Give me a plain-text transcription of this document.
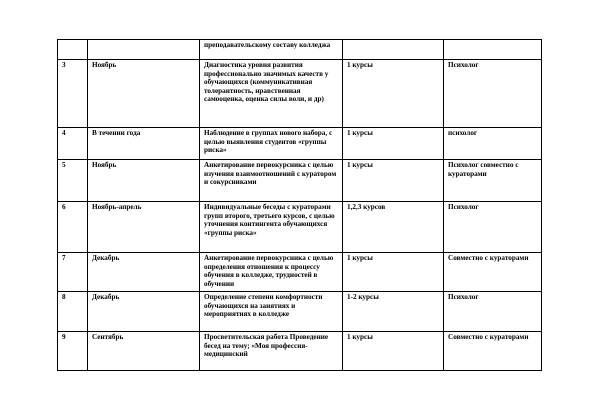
		преподавательскому составу колледжа		
3	Ноябрь	Диагностика уровня развития профессионально значимых качеств у обучающихся (коммуникативная толерантность, нравственная самооценка, оценка силы воли, и др)	1 курсы	Психолог
4	В течении года	Наблюдение в группах нового набора, с целью выявления студентов «группы риска»	1 курсы	психолог
5	Ноябрь	Анкетирование первокурсника с целью изучения взаимоотношений с куратором и сокурсниками	1 курсы	Психолог совместно с кураторами
6	Ноябрь-апрель	Индивидуальные беседы с кураторами групп второго, третьего курсов, с целью уточнения контингента обучающихся «группы риска»	1,2,3 курсов	Психолог
7	Декабрь	Анкетирование первокурсника с целью определения отношения к процессу обучения в колледже, трудностей в обучении	1 курсы	Совместно с кураторами
8	Декабрь	Определение степени комфортности обучающихся на занятиях и мероприятиях в колледже	1-2 курсы	Психолог
9	Сентябрь	Просветительская работа Проведение бесед на тему; «Моя профессия- медицинский	1 курсы	Совместно с кураторами
